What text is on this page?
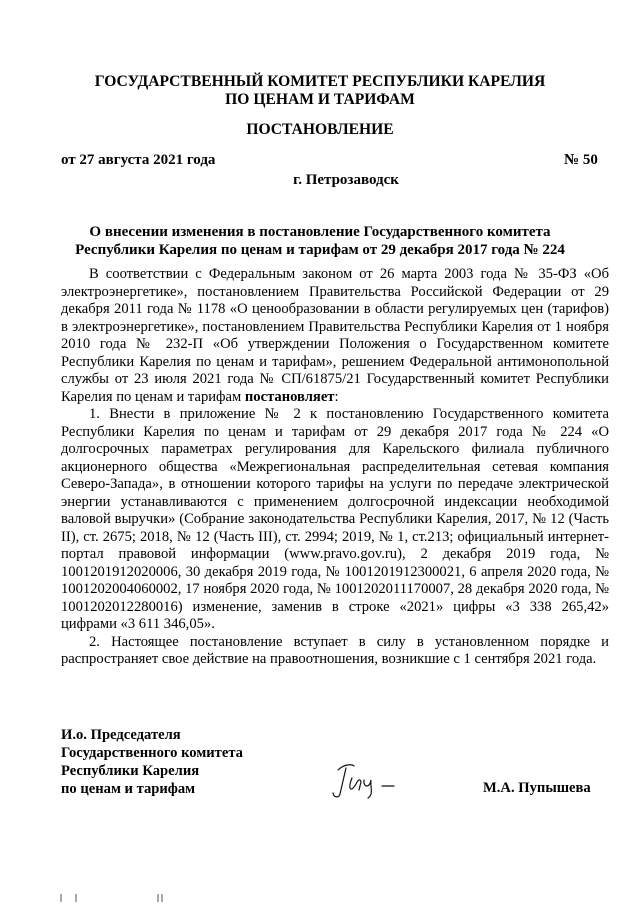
ГОСУДАРСТВЕННЫЙ КОМИТЕТ РЕСПУБЛИКИ КАРЕЛИЯ
ПО ЦЕНАМ И ТАРИФАМ
ПОСТАНОВЛЕНИЕ
от 27 августа 2021 года	№ 50
г. Петрозаводск
О внесении изменения в постановление Государственного комитета
Республики Карелия по ценам и тарифам от 29 декабря 2017 года № 224

В соответствии с Федеральным законом от 26 марта 2003 года № 35-ФЗ «Об электроэнергетике», постановлением Правительства Российской Федерации от 29 декабря 2011 года № 1178 «О ценообразовании в области регулируемых цен (тарифов) в электроэнергетике», постановлением Правительства Республики Карелия от 1 ноября 2010 года № 232-П «Об утверждении Положения о Государственном комитете Республики Карелия по ценам и тарифам», решением Федеральной антимонопольной службы от 23 июля 2021 года № СП/61875/21 Государственный комитет Республики Карелия по ценам и тарифам постановляет:

1. Внести в приложение № 2 к постановлению Государственного комитета Республики Карелия по ценам и тарифам от 29 декабря 2017 года № 224 «О долгосрочных параметрах регулирования для Карельского филиала публичного акционерного общества «Межрегиональная распределительная сетевая компания Северо-Запада», в отношении которого тарифы на услуги по передаче электрической энергии устанавливаются с применением долгосрочной индексации необходимой валовой выручки» (Собрание законодательства Республики Карелия, 2017, № 12 (Часть II), ст. 2675; 2018, № 12 (Часть III), ст. 2994; 2019, № 1, ст.213; официальный интернет-портал правовой информации (www.pravo.gov.ru), 2 декабря 2019 года, № 1001201912020006, 30 декабря 2019 года, № 1001201912300021, 6 апреля 2020 года, № 1001202004060002, 17 ноября 2020 года, № 1001202011170007, 28 декабря 2020 года, № 1001202012280016) изменение, заменив в строке «2021» цифры «3 338 265,42» цифрами «3 611 346,05».

2. Настоящее постановление вступает в силу в установленном порядке и распространяет свое действие на правоотношения, возникшие с 1 сентября 2021 года.

И.о. Председателя
Государственного комитета
Республики Карелия
по ценам и тарифам	М.А. Пупышева
